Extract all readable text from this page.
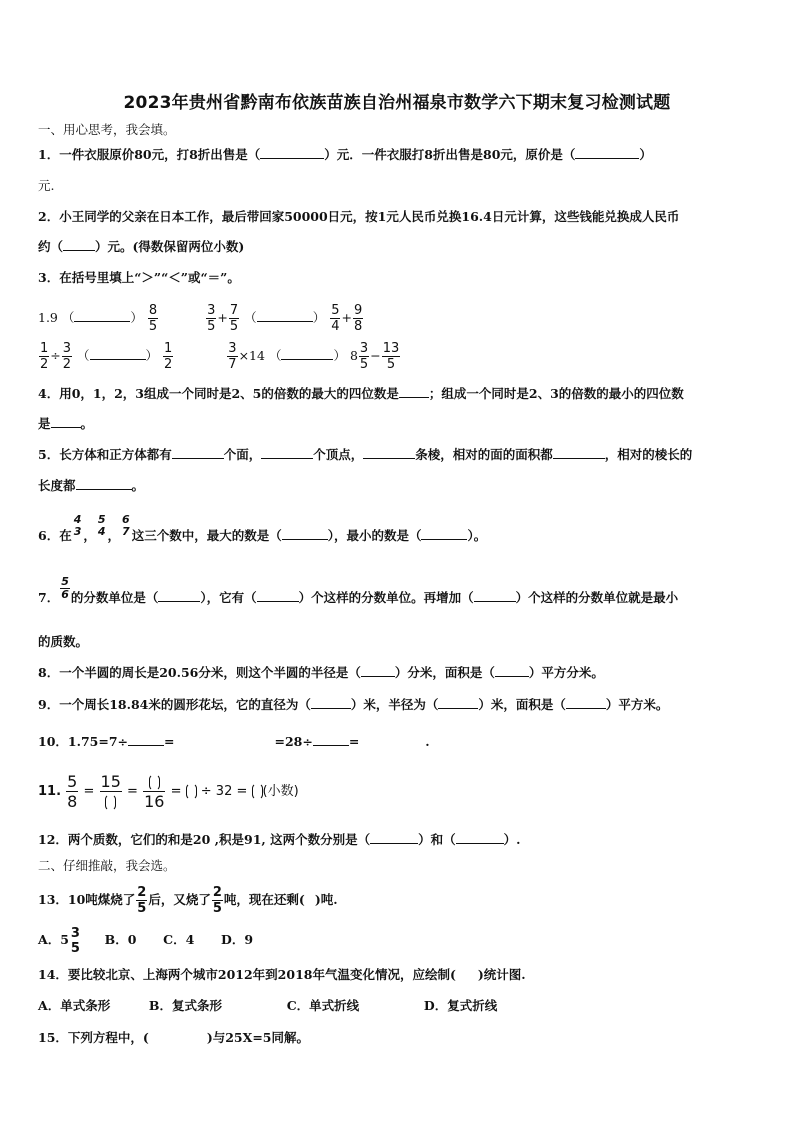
2023年贵州省黔南布依族苗族自治州福泉市数学六下期末复习检测试题
一、用心思考，我会填。
1．一件衣服原价80元，打8折出售是（	）元．一件衣服打8折出售是80元，原价是（	）
元.
2．小王同学的父亲在日本工作，最后带回家50000日元，按1元人民币兑换16.4日元计算，这些钱能兑换成人民币
约（	）元。(得数保留两位小数)
3．在括号里填上“＞”“＜”或“＝”。
1.9 （	） $\frac{8}{5}$
	$\frac{3}{5} + \frac{7}{5}$ （	） $\frac{5}{4} + \frac{9}{8}$
$\frac{1}{2} \div \frac{3}{2}$ （	） $\frac{1}{2}$
	$\frac{3}{7} \times 14$ （	） $8 \frac{3}{5} - \frac{13}{5}$
4．用0，1，2，3组成一个同时是2、5的倍数的最大的四位数是 ；组成一个同时是2、3的倍数的最小的四位数
是 。
5．长方体和正方体都有	个面，	个顶点，	条棱，相对的面的面积都	，相对的棱长的
长度都	。
6．在
4
3 ，
5
4 ，
6
7 这三个数中，最大的数是（	），最小的数是（	）。
7． $\frac{5}{6}$ 的分数单位是（	），它有（	）个这样的分数单位。再增加（	）个这样的分数单位就是最小
的质数。
8．一个半圆的周长是20.56分米，则这个半圆的半径是（	）分米，面积是（	）平方分米。
9．一个周长18.84米的圆形花坛，它的直径为（	）米，半径为（	）米，面积是（	）平方米。
10．1.75=7÷	=	=28÷	=	.
11. $\frac{5}{8}$ =
15
=
16
= ÷ 32 = (小数)
12．两个质数，它们的和是20 ,积是91, 这两个数分别是（	）和（	）.
二、仔细推敲，我会选。
13．10吨煤烧了 $\frac{2}{5}$ 后，又烧了 $\frac{2}{5}$ 吨，现在还剩( )吨.
A．5 3
5
B．0 C．4 D．9
14．要比较北京、上海两个城市2012年到2018年气温变化情况，应绘制( )统计图.
A．单式条形	B．复式条形	C．单式折线	D．复式折线
15．下列方程中，(	)与25X=5同解。
